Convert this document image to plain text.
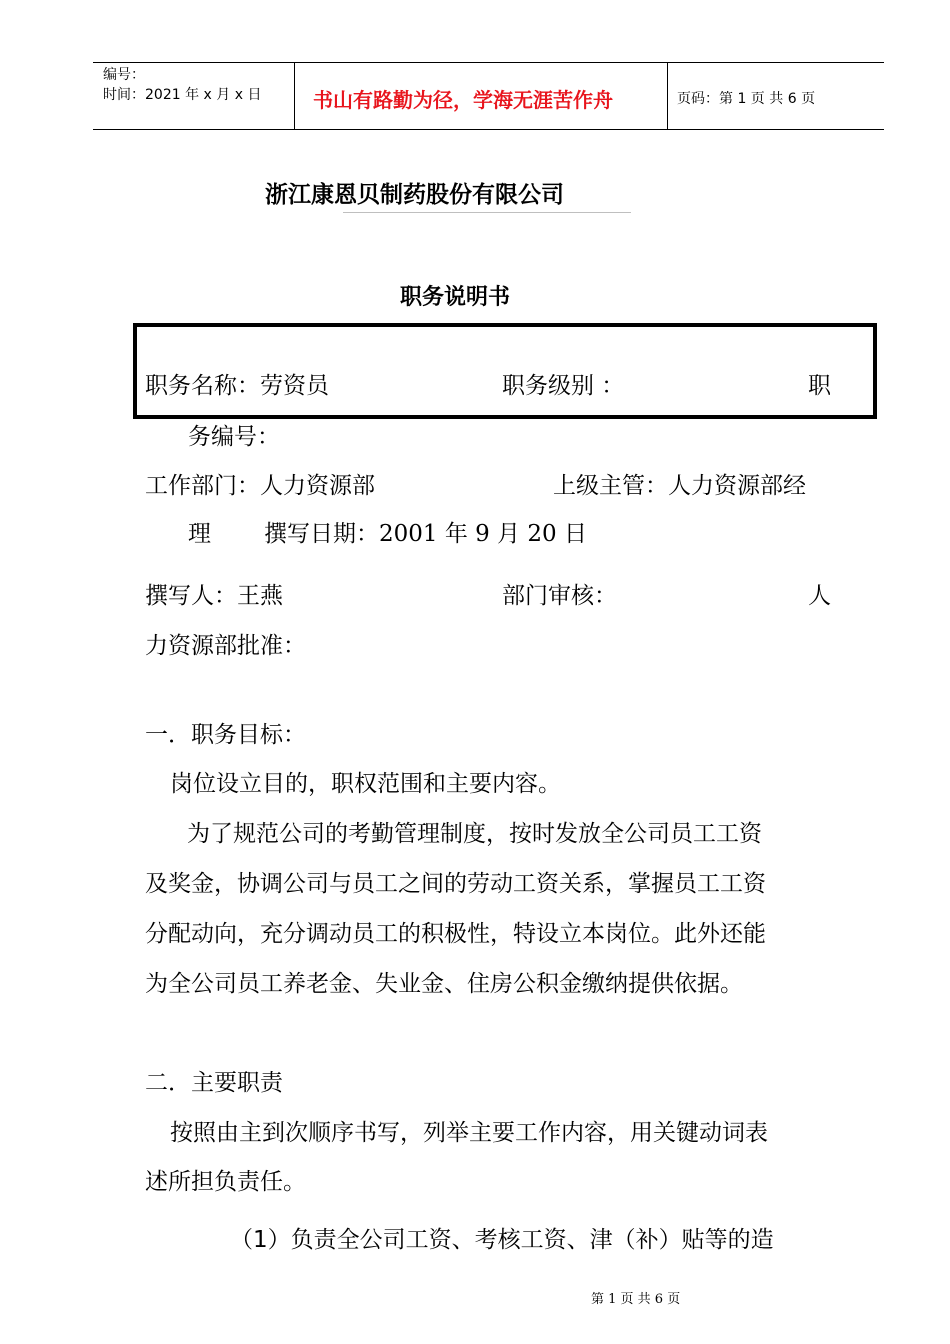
编号：
时间：2021 年 x 月 x 日	书山有路勤为径，学海无涯苦作舟	页码：第 1 页 共 6 页
浙江康恩贝制药股份有限公司
职务说明书
职务名称：劳资员	职务级别 ：	职
务编号：
工作部门：人力资源部	上级主管：人力资源部经
理 撰写日期：2001 年 9 月 20 日
撰写人：王燕	部门审核：	人
力资源部批准：
一．职务目标：
岗位设立目的，职权范围和主要内容。
为了规范公司的考勤管理制度，按时发放全公司员工工资
及奖金，协调公司与员工之间的劳动工资关系，掌握员工工资
分配动向，充分调动员工的积极性，特设立本岗位。此外还能
为全公司员工养老金、失业金、住房公积金缴纳提供依据。
二．主要职责
按照由主到次顺序书写，列举主要工作内容，用关键动词表
述所担负责任。
（1）负责全公司工资、考核工资、津（补）贴等的造
第 1 页 共 6 页
